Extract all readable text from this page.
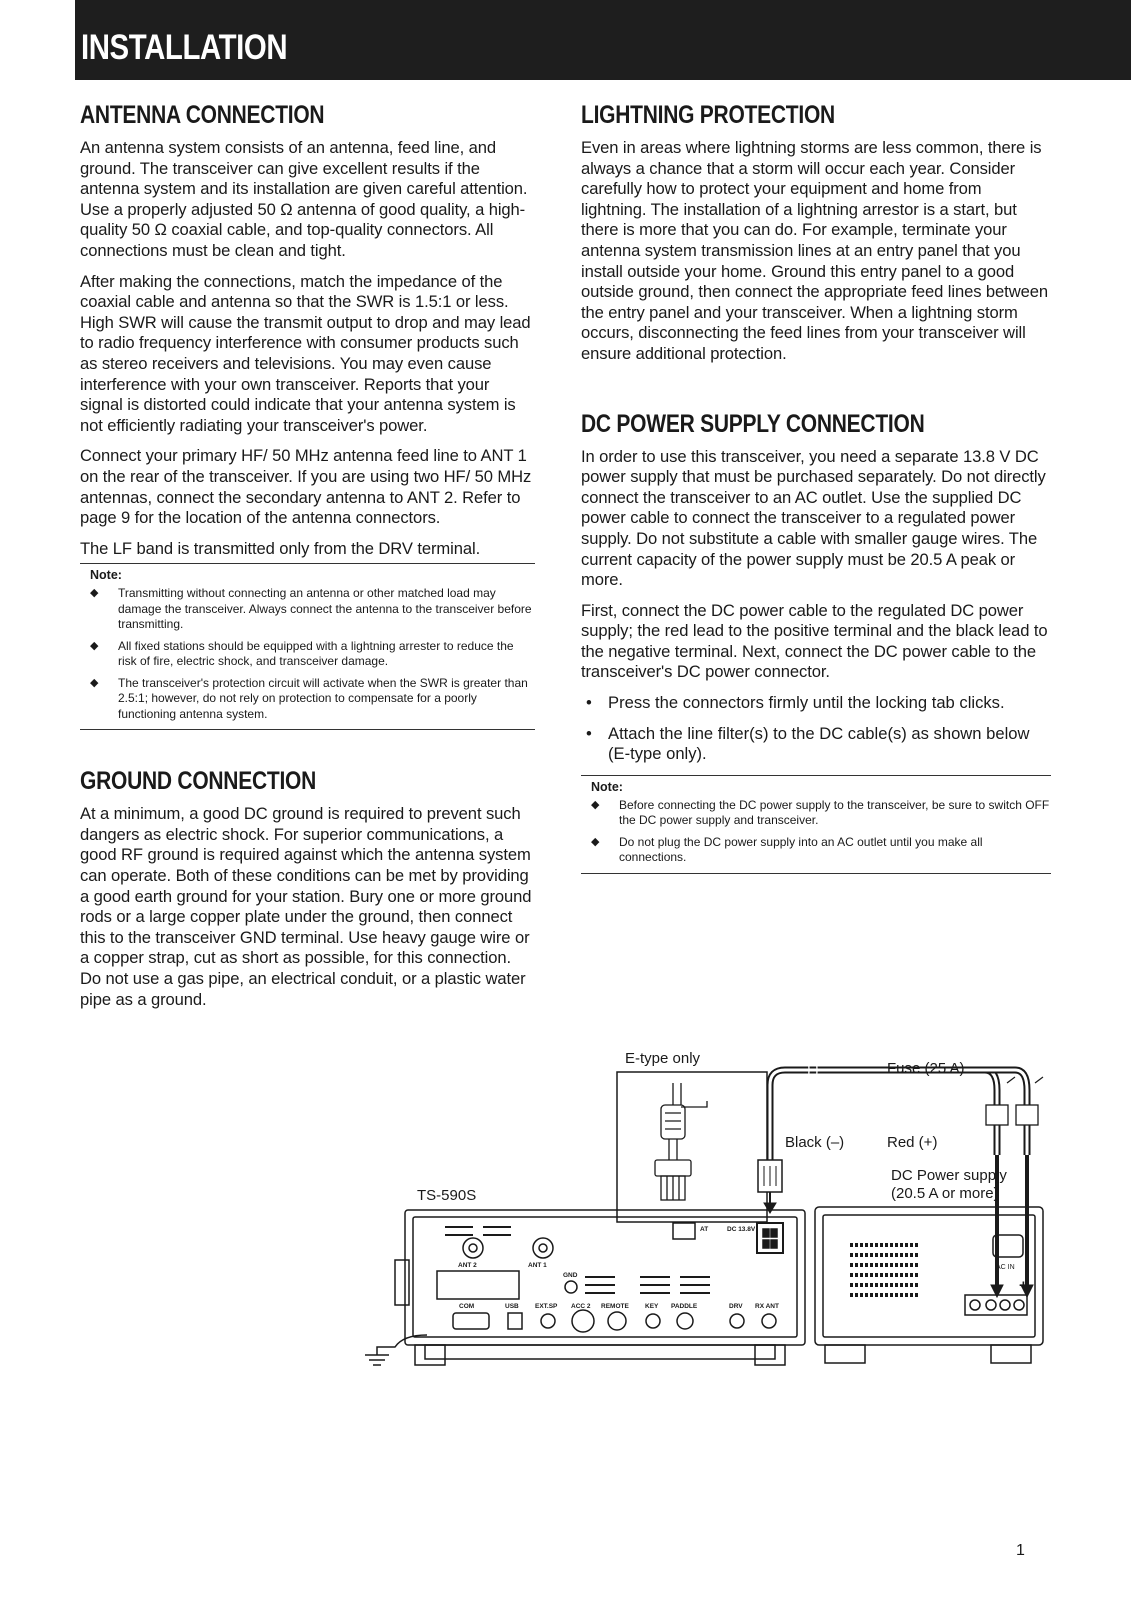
INSTALLATION
ANTENNA CONNECTION

An antenna system consists of an antenna, feed line, and ground. The transceiver can give excellent results if the antenna system and its installation are given careful attention. Use a properly adjusted 50 Ω antenna of good quality, a high-quality 50 Ω coaxial cable, and top-quality connectors. All connections must be clean and tight.

After making the connections, match the impedance of the coaxial cable and antenna so that the SWR is 1.5:1 or less. High SWR will cause the transmit output to drop and may lead to radio frequency interference with consumer products such as stereo receivers and televisions. You may even cause interference with your own transceiver. Reports that your signal is distorted could indicate that your antenna system is not efficiently radiating your transceiver's power.

Connect your primary HF/ 50 MHz antenna feed line to ANT 1 on the rear of the transceiver. If you are using two HF/ 50 MHz antennas, connect the secondary antenna to ANT 2. Refer to page 9 for the location of the antenna connectors.

The LF band is transmitted only from the DRV terminal.

Note:
◆ Transmitting without connecting an antenna or other matched load may damage the transceiver. Always connect the antenna to the transceiver before transmitting.
◆ All fixed stations should be equipped with a lightning arrester to reduce the risk of fire, electric shock, and transceiver damage.
◆ The transceiver's protection circuit will activate when the SWR is greater than 2.5:1; however, do not rely on protection to compensate for a poorly functioning antenna system.
GROUND CONNECTION

At a minimum, a good DC ground is required to prevent such dangers as electric shock. For superior communications, a good RF ground is required against which the antenna system can operate. Both of these conditions can be met by providing a good earth ground for your station. Bury one or more ground rods or a large copper plate under the ground, then connect this to the transceiver GND terminal. Use heavy gauge wire or a copper strap, cut as short as possible, for this connection. Do not use a gas pipe, an electrical conduit, or a plastic water pipe as a ground.

LIGHTNING PROTECTION

Even in areas where lightning storms are less common, there is always a chance that a storm will occur each year. Consider carefully how to protect your equipment and home from lightning. The installation of a lightning arrestor is a start, but there is more that you can do. For example, terminate your antenna system transmission lines at an entry panel that you install outside your home. Ground this entry panel to a good outside ground, then connect the appropriate feed lines between the entry panel and your transceiver. When a lightning storm occurs, disconnecting the feed lines from your transceiver will ensure additional protection.

DC POWER SUPPLY CONNECTION

In order to use this transceiver, you need a separate 13.8 V DC power supply that must be purchased separately. Do not directly connect the transceiver to an AC outlet. Use the supplied DC power cable to connect the transceiver to a regulated power supply. Do not substitute a cable with smaller gauge wires. The current capacity of the power supply must be 20.5 A peak or more.

First, connect the DC power cable to the regulated DC power supply; the red lead to the positive terminal and the black lead to the negative terminal. Next, connect the DC power cable to the transceiver's DC power connector.

• Press the connectors firmly until the locking tab clicks.
• Attach the line filter(s) to the DC cable(s) as shown below (E-type only).
Note:
◆ Before connecting the DC power supply to the transceiver, be sure to switch OFF the DC power supply and transceiver.
◆ Do not plug the DC power supply into an AC outlet until you make all connections.
E-type only
Fuse (25 A)
Black (–)	Red (+)
DC Power supply
(20.5 A or more)
TS-590S
ANT 2	ANT 1
AT	DC 13.8V
GND
COM	USB	EXT.SP ACC 2 REMOTE KEY PADDLE	DRV RX ANT
AC IN
– +
1
